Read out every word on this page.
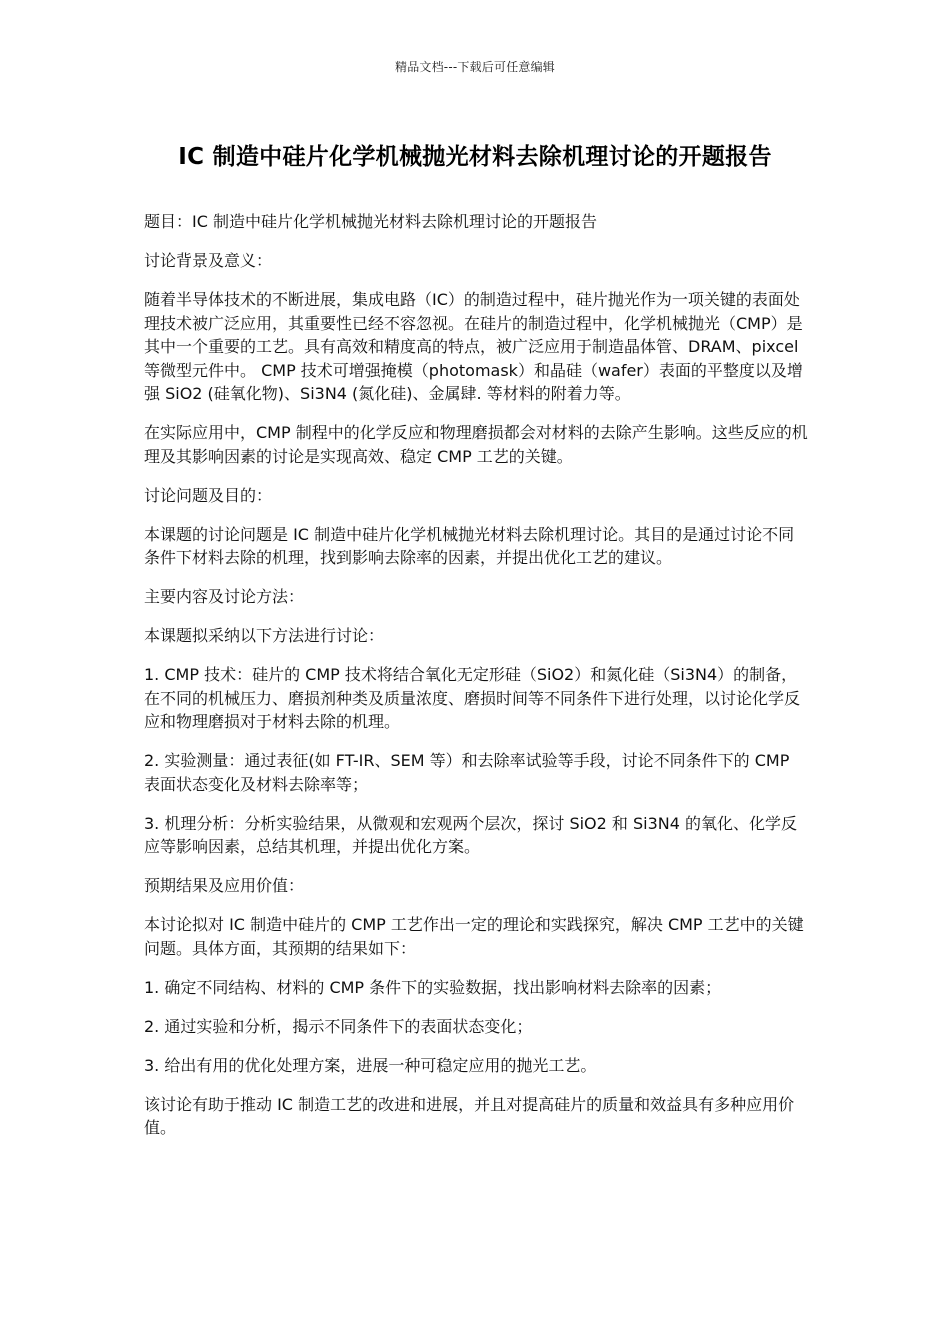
精品文档---下载后可任意编辑
IC 制造中硅片化学机械抛光材料去除机理讨论的开题报告

题目：IC 制造中硅片化学机械抛光材料去除机理讨论的开题报告

讨论背景及意义：

随着半导体技术的不断进展，集成电路（IC）的制造过程中，硅片抛光作为一项关键的表面处理技术被广泛应用，其重要性已经不容忽视。在硅片的制造过程中，化学机械抛光（CMP）是其中一个重要的工艺。具有高效和精度高的特点，被广泛应用于制造晶体管、DRAM、pixcel 等微型元件中。 CMP 技术可增强掩模（photomask）和晶硅（wafer）表面的平整度以及增强 SiO2 (硅氧化物)、Si3N4 (氮化硅)、金属肆. 等材料的附着力等。

在实际应用中，CMP 制程中的化学反应和物理磨损都会对材料的去除产生影响。这些反应的机理及其影响因素的讨论是实现高效、稳定 CMP 工艺的关键。

讨论问题及目的：

本课题的讨论问题是 IC 制造中硅片化学机械抛光材料去除机理讨论。其目的是通过讨论不同条件下材料去除的机理，找到影响去除率的因素，并提出优化工艺的建议。

主要内容及讨论方法：

本课题拟采纳以下方法进行讨论：

1. CMP 技术：硅片的 CMP 技术将结合氧化无定形硅（SiO2）和氮化硅（Si3N4）的制备，在不同的机械压力、磨损剂种类及质量浓度、磨损时间等不同条件下进行处理，以讨论化学反应和物理磨损对于材料去除的机理。

2. 实验测量：通过表征(如 FT-IR、SEM 等）和去除率试验等手段，讨论不同条件下的 CMP 表面状态变化及材料去除率等；

3. 机理分析：分析实验结果，从微观和宏观两个层次，探讨 SiO2 和 Si3N4 的氧化、化学反应等影响因素，总结其机理，并提出优化方案。

预期结果及应用价值：

本讨论拟对 IC 制造中硅片的 CMP 工艺作出一定的理论和实践探究，解决 CMP 工艺中的关键问题。具体方面，其预期的结果如下：

1. 确定不同结构、材料的 CMP 条件下的实验数据，找出影响材料去除率的因素；

2. 通过实验和分析，揭示不同条件下的表面状态变化；

3. 给出有用的优化处理方案，进展一种可稳定应用的抛光工艺。

该讨论有助于推动 IC 制造工艺的改进和进展，并且对提高硅片的质量和效益具有多种应用价值。
